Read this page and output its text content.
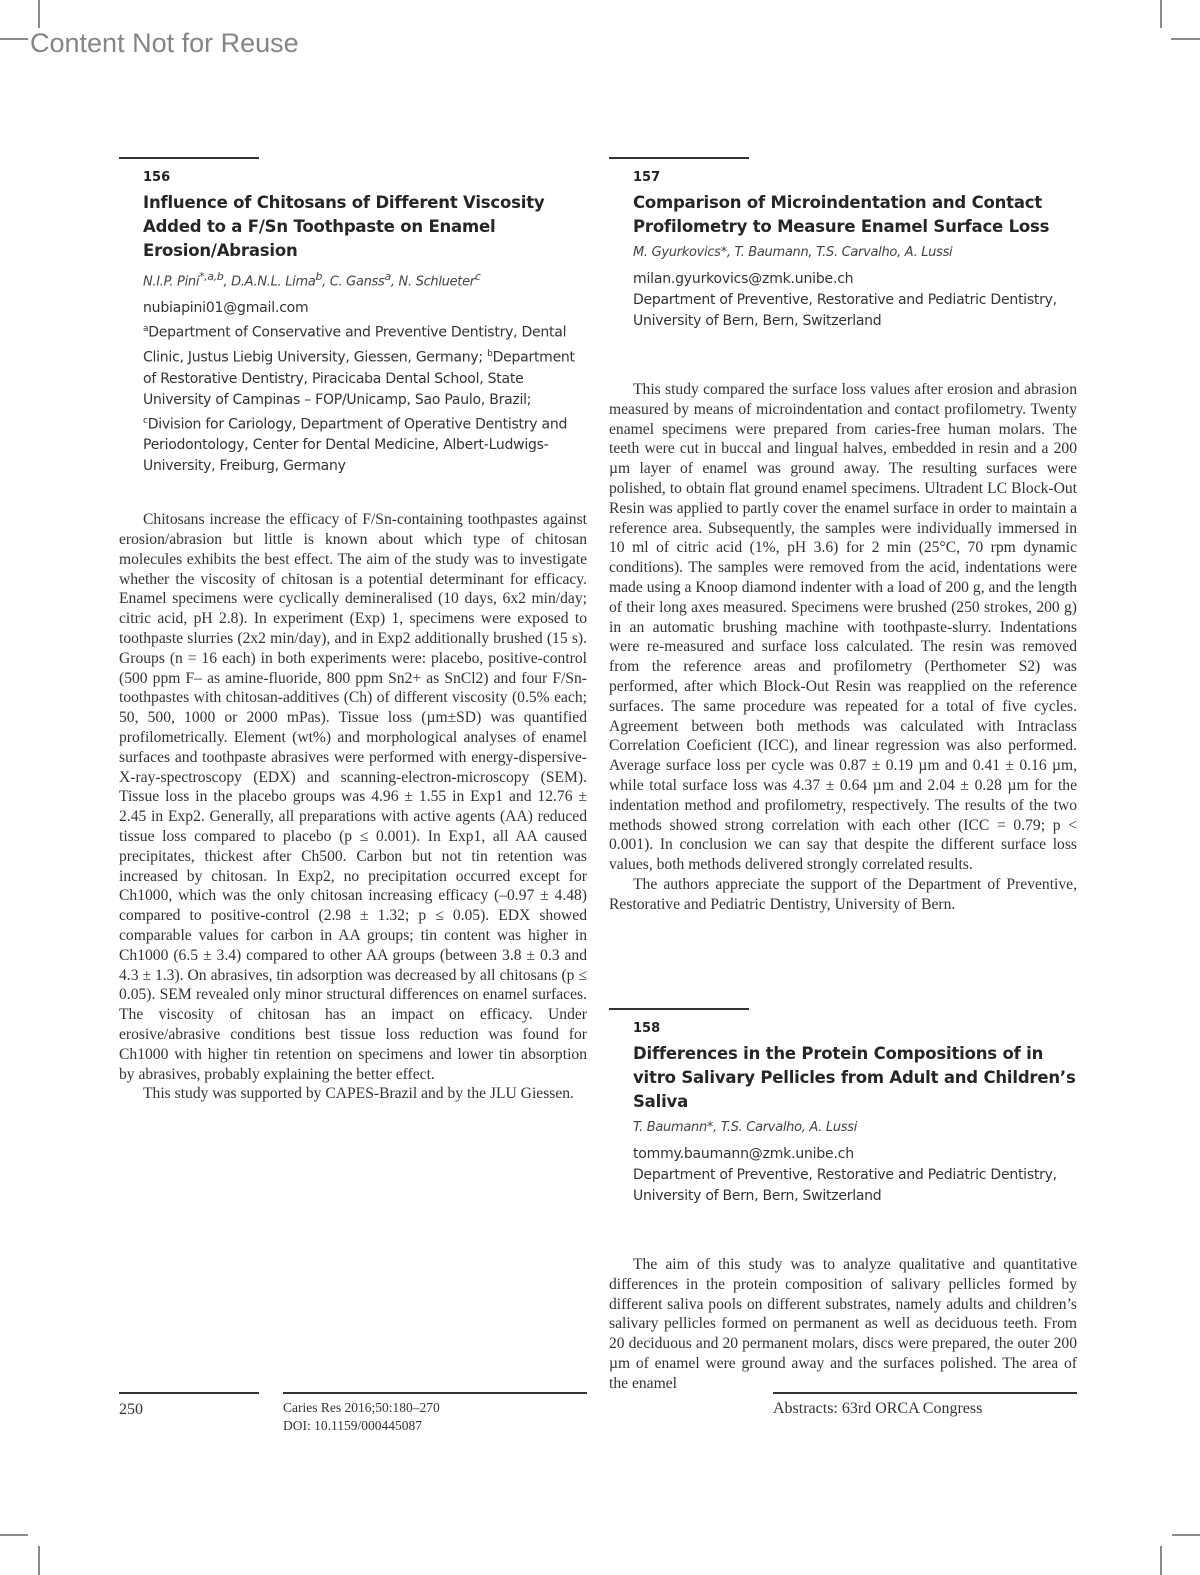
Content Not for Reuse
156
Influence of Chitosans of Different Viscosity Added to a F/Sn Toothpaste on Enamel Erosion/Abrasion
N.I.P. Pini$^{*,a,b}$, D.A.N.L. Lima$^b$, C. Ganss$^a$, N. Schlueter$^c$
nubiapini01@gmail.com
$^a$Department of Conservative and Preventive Dentistry, Dental Clinic, Justus Liebig University, Giessen, Germany; $^b$Department of Restorative Dentistry, Piracicaba Dental School, State University of Campinas – FOP/Unicamp, Sao Paulo, Brazil; $^c$Division for Cariology, Department of Operative Dentistry and Periodontology, Center for Dental Medicine, Albert-Ludwigs-University, Freiburg, Germany

Chitosans increase the efficacy of F/Sn-containing toothpastes against erosion/abrasion but little is known about which type of chitosan molecules exhibits the best effect. The aim of the study was to investigate whether the viscosity of chitosan is a potential determinant for efficacy. Enamel specimens were cyclically demineralised (10 days, 6x2 min/day; citric acid, pH 2.8). In experiment (Exp) 1, specimens were exposed to toothpaste slurries (2x2 min/day), and in Exp2 additionally brushed (15 s). Groups (n = 16 each) in both experiments were: placebo, positive-control (500 ppm F– as amine-fluoride, 800 ppm Sn2+ as SnCl2) and four F/Sn-toothpastes with chitosan-additives (Ch) of different viscosity (0.5% each; 50, 500, 1000 or 2000 mPas). Tissue loss (µm±SD) was quantified profilometrically. Element (wt%) and morphological analyses of enamel surfaces and toothpaste abrasives were performed with energy-dispersive-X-ray-spectroscopy (EDX) and scanning-electron-microscopy (SEM). Tissue loss in the placebo groups was 4.96 ± 1.55 in Exp1 and 12.76 ± 2.45 in Exp2. Generally, all preparations with active agents (AA) reduced tissue loss compared to placebo (p ≤ 0.001). In Exp1, all AA caused precipitates, thickest after Ch500. Carbon but not tin retention was increased by chitosan. In Exp2, no precipitation occurred except for Ch1000, which was the only chitosan increasing efficacy (–0.97 ± 4.48) compared to positive-control (2.98 ± 1.32; p ≤ 0.05). EDX showed comparable values for carbon in AA groups; tin content was higher in Ch1000 (6.5 ± 3.4) compared to other AA groups (between 3.8 ± 0.3 and 4.3 ± 1.3). On abrasives, tin adsorption was decreased by all chitosans (p ≤ 0.05). SEM revealed only minor structural differences on enamel surfaces. The viscosity of chitosan has an impact on efficacy. Under erosive/abrasive conditions best tissue loss reduction was found for Ch1000 with higher tin retention on specimens and lower tin absorption by abrasives, probably explaining the better effect.

This study was supported by CAPES-Brazil and by the JLU Giessen.

157
Comparison of Microindentation and Contact Profilometry to Measure Enamel Surface Loss
M. Gyurkovics*, T. Baumann, T.S. Carvalho, A. Lussi
milan.gyurkovics@zmk.unibe.ch
Department of Preventive, Restorative and Pediatric Dentistry, University of Bern, Bern, Switzerland

This study compared the surface loss values after erosion and abrasion measured by means of microindentation and contact profilometry. Twenty enamel specimens were prepared from caries-free human molars. The teeth were cut in buccal and lingual halves, embedded in resin and a 200 µm layer of enamel was ground away. The resulting surfaces were polished, to obtain flat ground enamel specimens. Ultradent LC Block-Out Resin was applied to partly cover the enamel surface in order to maintain a reference area. Subsequently, the samples were individually immersed in 10 ml of citric acid (1%, pH 3.6) for 2 min (25°C, 70 rpm dynamic conditions). The samples were removed from the acid, indentations were made using a Knoop diamond indenter with a load of 200 g, and the length of their long axes measured. Specimens were brushed (250 strokes, 200 g) in an automatic brushing machine with toothpaste-slurry. Indentations were re-measured and surface loss calculated. The resin was removed from the reference areas and profilometry (Perthometer S2) was performed, after which Block-Out Resin was reapplied on the reference surfaces. The same procedure was repeated for a total of five cycles. Agreement between both methods was calculated with Intraclass Correlation Coeficient (ICC), and linear regression was also performed. Average surface loss per cycle was 0.87 ± 0.19 µm and 0.41 ± 0.16 µm, while total surface loss was 4.37 ± 0.64 µm and 2.04 ± 0.28 µm for the indentation method and profilometry, respectively. The results of the two methods showed strong correlation with each other (ICC = 0.79; p < 0.001). In conclusion we can say that despite the different surface loss values, both methods delivered strongly correlated results.

The authors appreciate the support of the Department of Preventive, Restorative and Pediatric Dentistry, University of Bern.

158
Differences in the Protein Compositions of in vitro Salivary Pellicles from Adult and Children’s Saliva
T. Baumann*, T.S. Carvalho, A. Lussi
tommy.baumann@zmk.unibe.ch
Department of Preventive, Restorative and Pediatric Dentistry, University of Bern, Bern, Switzerland

The aim of this study was to analyze qualitative and quantitative differences in the protein composition of salivary pellicles formed by different saliva pools on different substrates, namely adults and children’s salivary pellicles formed on permanent as well as deciduous teeth. From 20 deciduous and 20 permanent molars, discs were prepared, the outer 200 µm of enamel were ground away and the surfaces polished. The area of the enamel

250	Caries Res 2016;50:180–270
DOI: 10.1159/000445087
Abstracts: 63rd ORCA Congress
